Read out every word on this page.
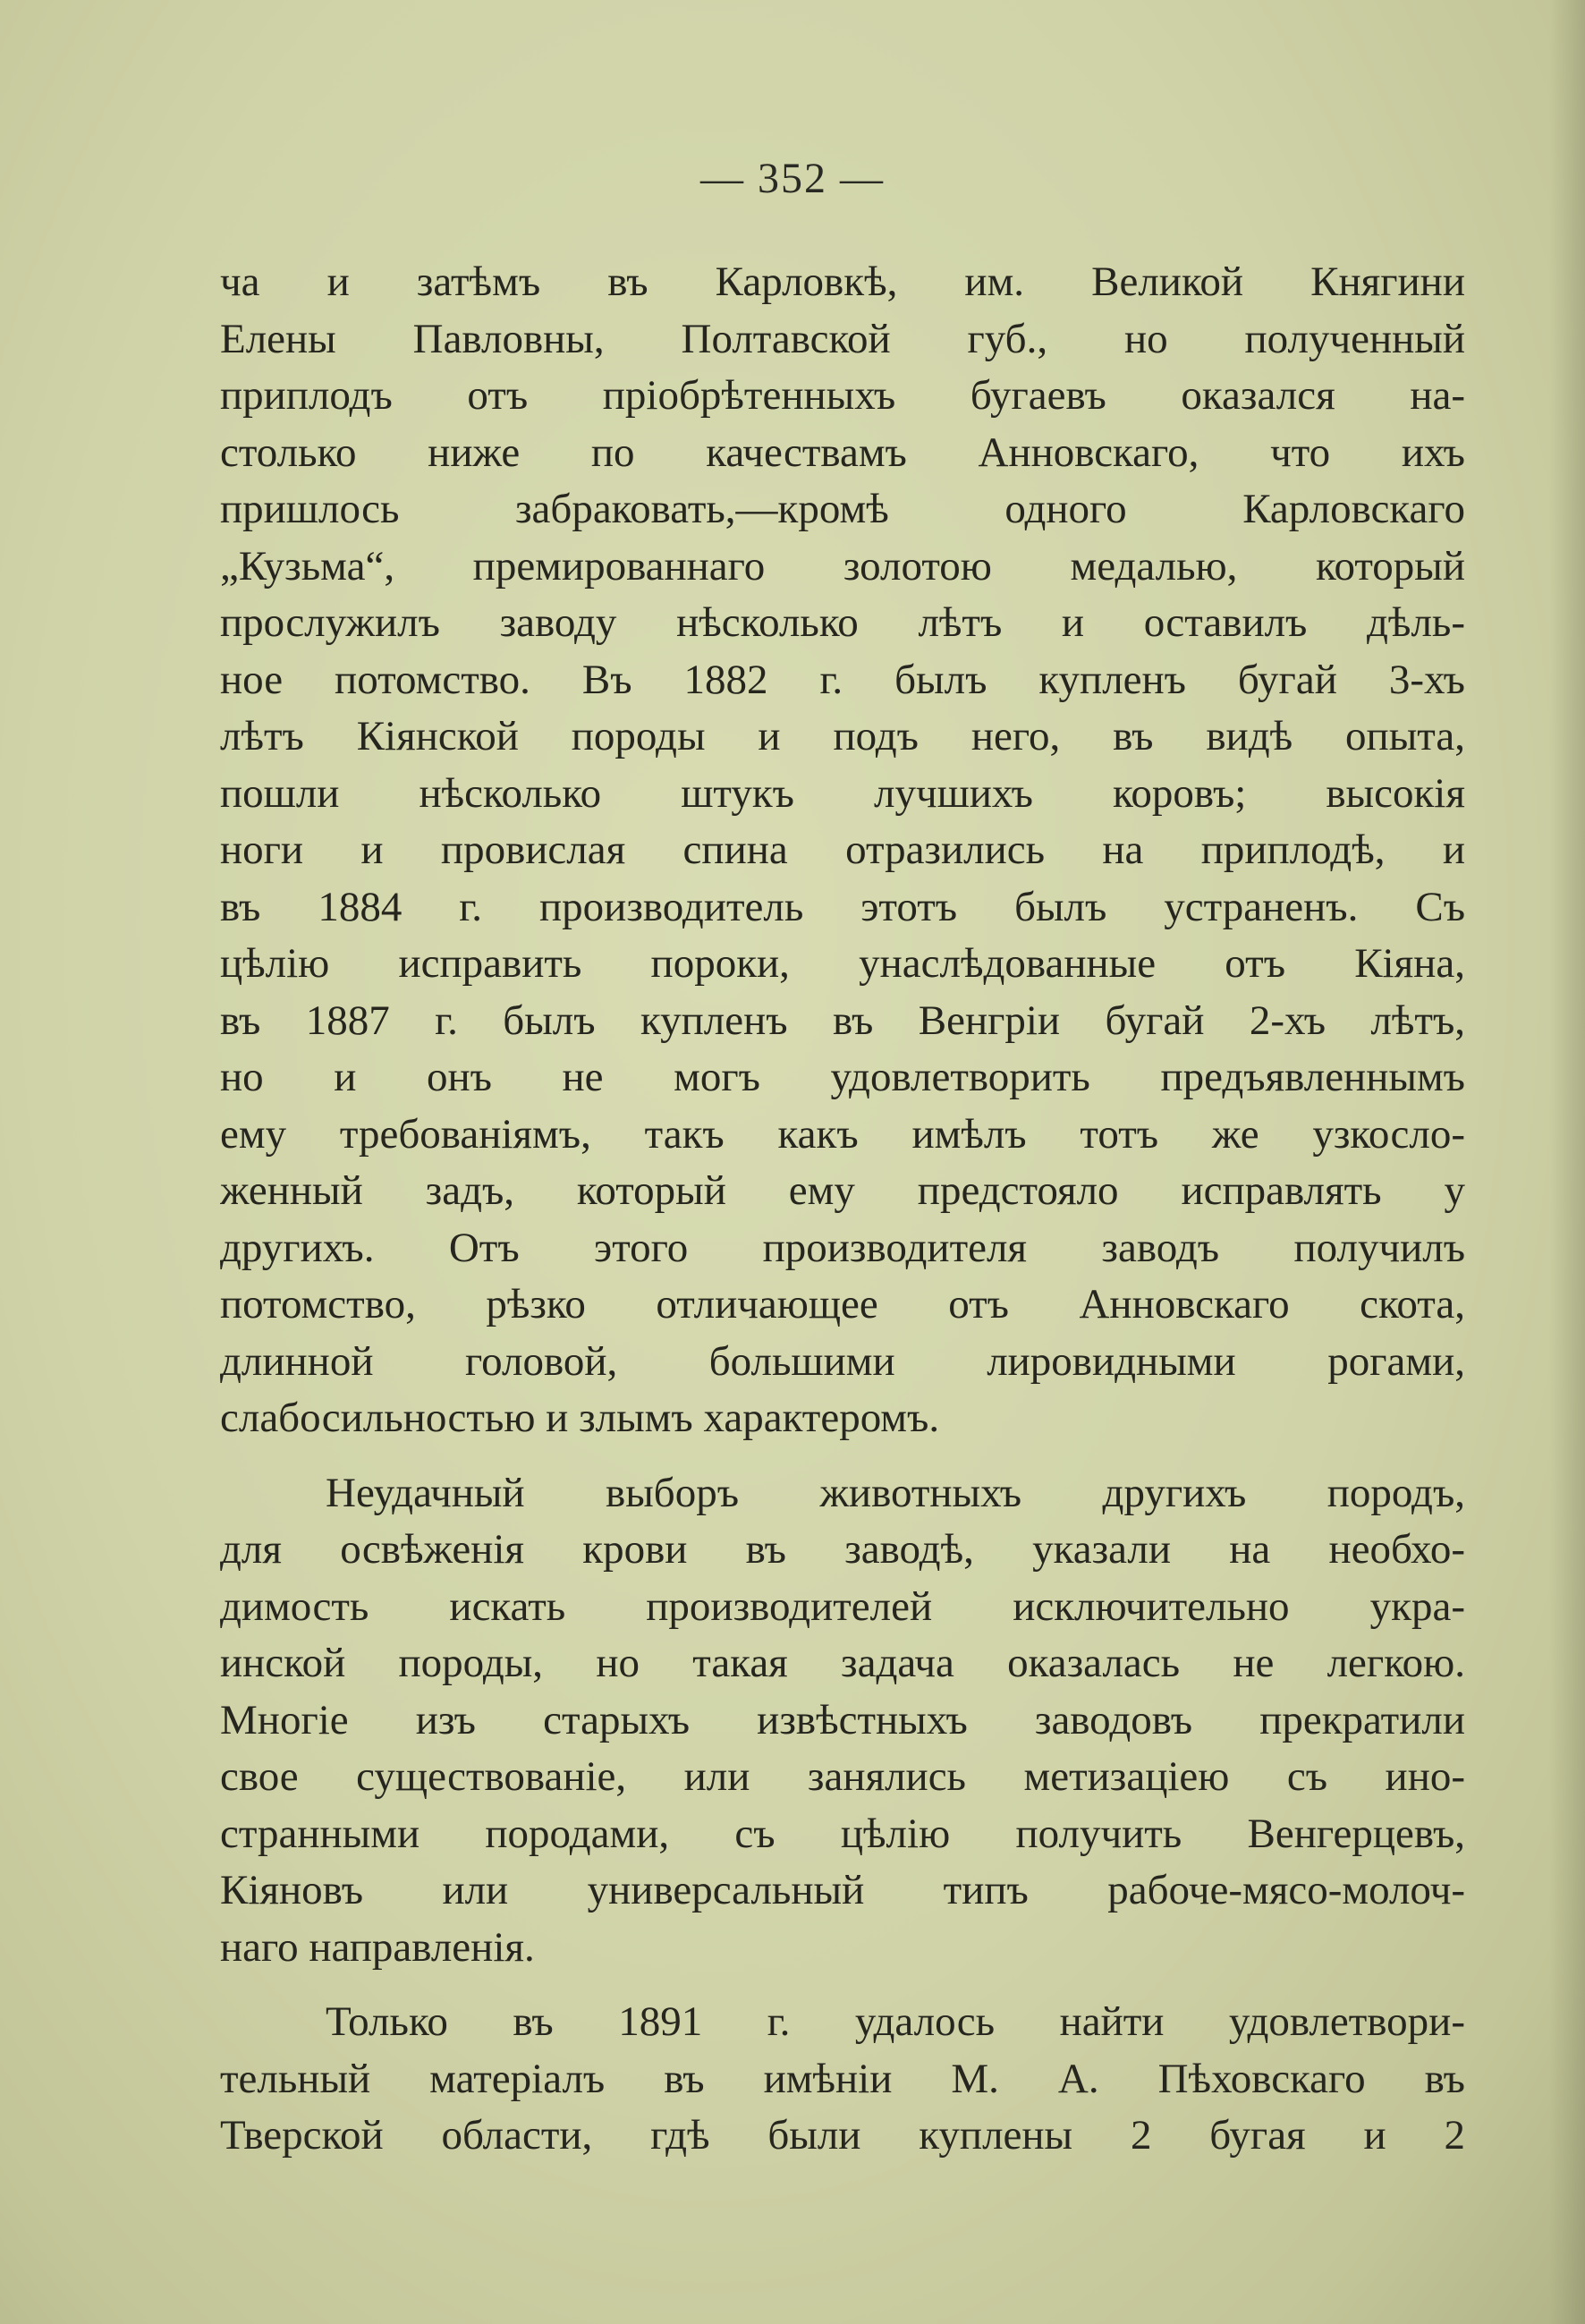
— 352 —
ча и затѣмъ въ Карловкѣ, им. Великой Княгини
Елены Павловны, Полтавской губ., но полученный
приплодъ отъ пріобрѣтенныхъ бугаевъ оказался на-
столько ниже по качествамъ Анновскаго, что ихъ
пришлось забраковать,—кромѣ одного Карловскаго
„Кузьма“, премированнаго золотою медалью, который
прослужилъ заводу нѣсколько лѣтъ и оставилъ дѣль-
ное потомство. Въ 1882 г. былъ купленъ бугай 3-хъ
лѣтъ Кіянской породы и подъ него, въ видѣ опыта,
пошли нѣсколько штукъ лучшихъ коровъ; высокія
ноги и провислая спина отразились на приплодѣ, и
въ 1884 г. производитель этотъ былъ устраненъ. Съ
цѣлію исправить пороки, унаслѣдованные отъ Кіяна,
въ 1887 г. былъ купленъ въ Венгріи бугай 2-хъ лѣтъ,
но и онъ не могъ удовлетворить предъявленнымъ
ему требованіямъ, такъ какъ имѣлъ тотъ же узкосло-
женный задъ, который ему предстояло исправлять у
другихъ. Отъ этого производителя заводъ получилъ
потомство, рѣзко отличающее отъ Анновскаго скота,
длинной головой, большими лировидными рогами,
слабосильностью и злымъ характеромъ.
Неудачный выборъ животныхъ другихъ породъ,
для освѣженія крови въ заводѣ, указали на необхо-
димость искать производителей исключительно укра-
инской породы, но такая задача оказалась не легкою.
Многіе изъ старыхъ извѣстныхъ заводовъ прекратили
свое существованіе, или занялись метизаціею съ ино-
странными породами, съ цѣлію получить Венгерцевъ,
Кіяновъ или универсальный типъ рабоче-мясо-молоч-
наго направленія.
Только въ 1891 г. удалось найти удовлетвори-
тельный матеріалъ въ имѣніи М. А. Пѣховскаго въ
Тверской области, гдѣ были куплены 2 бугая и 2
